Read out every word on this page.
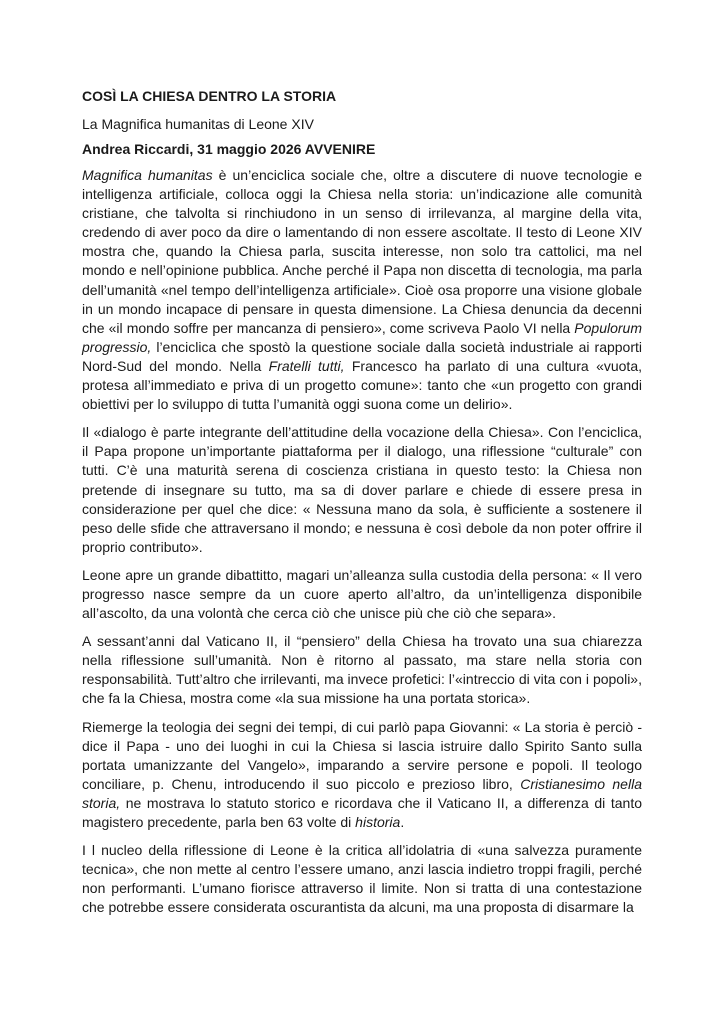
COSÌ LA CHIESA DENTRO LA STORIA
La Magnifica humanitas di Leone XIV
Andrea Riccardi, 31 maggio 2026 AVVENIRE

Magnifica humanitas è un’enciclica sociale che, oltre a discutere di nuove tecnologie e intelligenza artificiale, colloca oggi la Chiesa nella storia: un’indicazione alle comunità cristiane, che talvolta si rinchiudono in un senso di irrilevanza, al margine della vita, credendo di aver poco da dire o lamentando di non essere ascoltate. Il testo di Leone XIV mostra che, quando la Chiesa parla, suscita interesse, non solo tra cattolici, ma nel mondo e nell’opinione pubblica. Anche perché il Papa non discetta di tecnologia, ma parla dell’umanità «nel tempo dell’intelligenza artificiale». Cioè osa proporre una visione globale in un mondo incapace di pensare in questa dimensione. La Chiesa denuncia da decenni che «il mondo soffre per mancanza di pensiero», come scriveva Paolo VI nella Populorum progressio, l’enciclica che spostò la questione sociale dalla società industriale ai rapporti Nord-Sud del mondo. Nella Fratelli tutti, Francesco ha parlato di una cultura «vuota, protesa all’immediato e priva di un progetto comune»: tanto che «un progetto con grandi obiettivi per lo sviluppo di tutta l’umanità oggi suona come un delirio».

Il «dialogo è parte integrante dell’attitudine della vocazione della Chiesa». Con l’enciclica, il Papa propone un’importante piattaforma per il dialogo, una riflessione “culturale” con tutti. C’è una maturità serena di coscienza cristiana in questo testo: la Chiesa non pretende di insegnare su tutto, ma sa di dover parlare e chiede di essere presa in considerazione per quel che dice: « Nessuna mano da sola, è sufficiente a sostenere il peso delle sfide che attraversano il mondo; e nessuna è così debole da non poter offrire il proprio contributo».

Leone apre un grande dibattitto, magari un’alleanza sulla custodia della persona: « Il vero progresso nasce sempre da un cuore aperto all’altro, da un’intelligenza disponibile all’ascolto, da una volontà che cerca ciò che unisce più che ciò che separa».

A sessant’anni dal Vaticano II, il “pensiero” della Chiesa ha trovato una sua chiarezza nella riflessione sull’umanità. Non è ritorno al passato, ma stare nella storia con responsabilità. Tutt’altro che irrilevanti, ma invece profetici: l’«intreccio di vita con i popoli», che fa la Chiesa, mostra come «la sua missione ha una portata storica».

Riemerge la teologia dei segni dei tempi, di cui parlò papa Giovanni: « La storia è perciò - dice il Papa - uno dei luoghi in cui la Chiesa si lascia istruire dallo Spirito Santo sulla portata umanizzante del Vangelo», imparando a servire persone e popoli. Il teologo conciliare, p. Chenu, introducendo il suo piccolo e prezioso libro, Cristianesimo nella storia, ne mostrava lo statuto storico e ricordava che il Vaticano II, a differenza di tanto magistero precedente, parla ben 63 volte di historia.

I l nucleo della riflessione di Leone è la critica all’idolatria di «una salvezza puramente tecnica», che non mette al centro l’essere umano, anzi lascia indietro troppi fragili, perché non performanti. L’umano fiorisce attraverso il limite. Non si tratta di una contestazione che potrebbe essere considerata oscurantista da alcuni, ma una proposta di disarmare la
